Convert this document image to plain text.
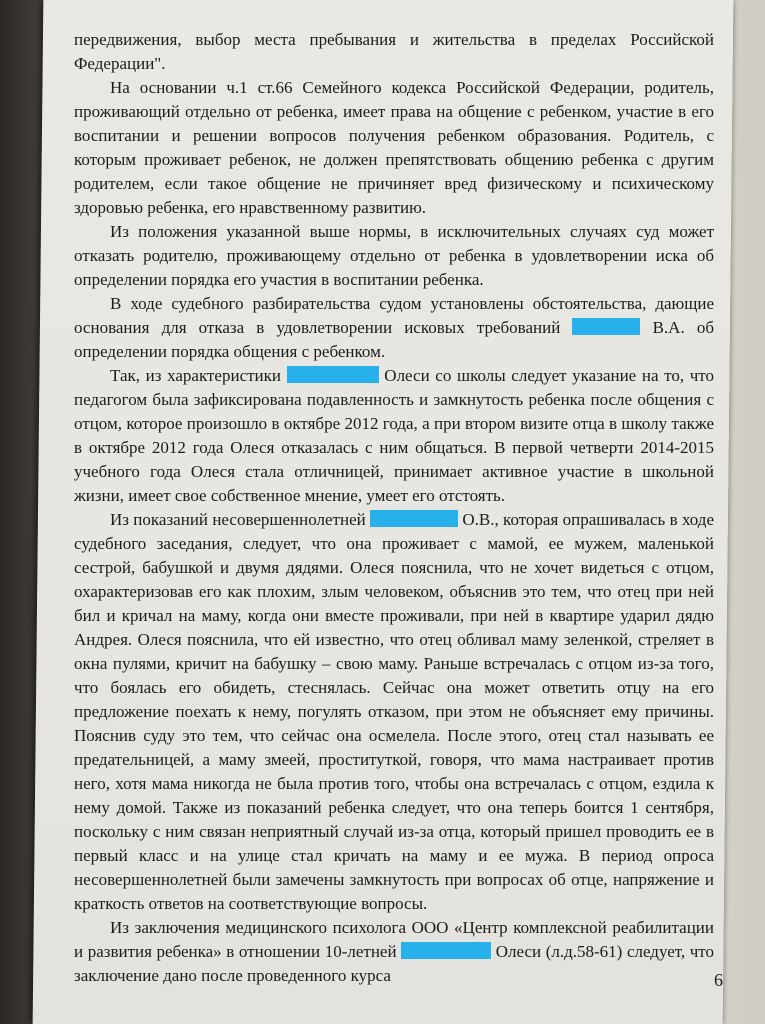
передвижения, выбор места пребывания и жительства в пределах Российской Федерации".

На основании ч.1 ст.66 Семейного кодекса Российской Федерации, родитель, проживающий отдельно от ребенка, имеет права на общение с ребенком, участие в его воспитании и решении вопросов получения ребенком образования. Родитель, с которым проживает ребенок, не должен препятствовать общению ребенка с другим родителем, если такое общение не причиняет вред физическому и психическому здоровью ребенка, его нравственному развитию.

Из положения указанной выше нормы, в исключительных случаях суд может отказать родителю, проживающему отдельно от ребенка в удовлетворении иска об определении порядка его участия в воспитании ребенка.

В ходе судебного разбирательства судом установлены обстоятельства, дающие основания для отказа в удовлетворении исковых требований	В.А. об определении порядка общения с ребенком.

Так, из характеристики	Олеси со школы следует указание на то, что педагогом была зафиксирована подавленность и замкнутость ребенка после общения с отцом, которое произошло в октябре 2012 года, а при втором визите отца в школу также в октябре 2012 года Олеся отказалась с ним общаться. В первой четверти 2014-2015 учебного года Олеся стала отличницей, принимает активное участие в школьной жизни, имеет свое собственное мнение, умеет его отстоять.

Из показаний несовершеннолетней	О.В., которая опрашивалась в ходе судебного заседания, следует, что она проживает с мамой, ее мужем, маленькой сестрой, бабушкой и двумя дядями. Олеся пояснила, что не хочет видеться с отцом, охарактеризовав его как плохим, злым человеком, объяснив это тем, что отец при ней бил и кричал на маму, когда они вместе проживали, при ней в квартире ударил дядю Андрея. Олеся пояснила, что ей известно, что отец обливал маму зеленкой, стреляет в окна пулями, кричит на бабушку – свою маму. Раньше встречалась с отцом из-за того, что боялась его обидеть, стеснялась. Сейчас она может ответить отцу на его предложение поехать к нему, погулять отказом, при этом не объясняет ему причины. Пояснив суду это тем, что сейчас она осмелела. После этого, отец стал называть ее предательницей, а маму змеей, проституткой, говоря, что мама настраивает против него, хотя мама никогда не была против того, чтобы она встречалась с отцом, ездила к нему домой. Также из показаний ребенка следует, что она теперь боится 1 сентября, поскольку с ним связан неприятный случай из-за отца, который пришел проводить ее в первый класс и на улице стал кричать на маму и ее мужа. В период опроса несовершеннолетней были замечены замкнутость при вопросах об отце, напряжение и краткость ответов на соответствующие вопросы.

Из заключения медицинского психолога ООО «Центр комплексной реабилитации и развития ребенка» в отношении 10-летней	Олеси (л.д.58-61) следует, что заключение дано после проведенного курса	6
